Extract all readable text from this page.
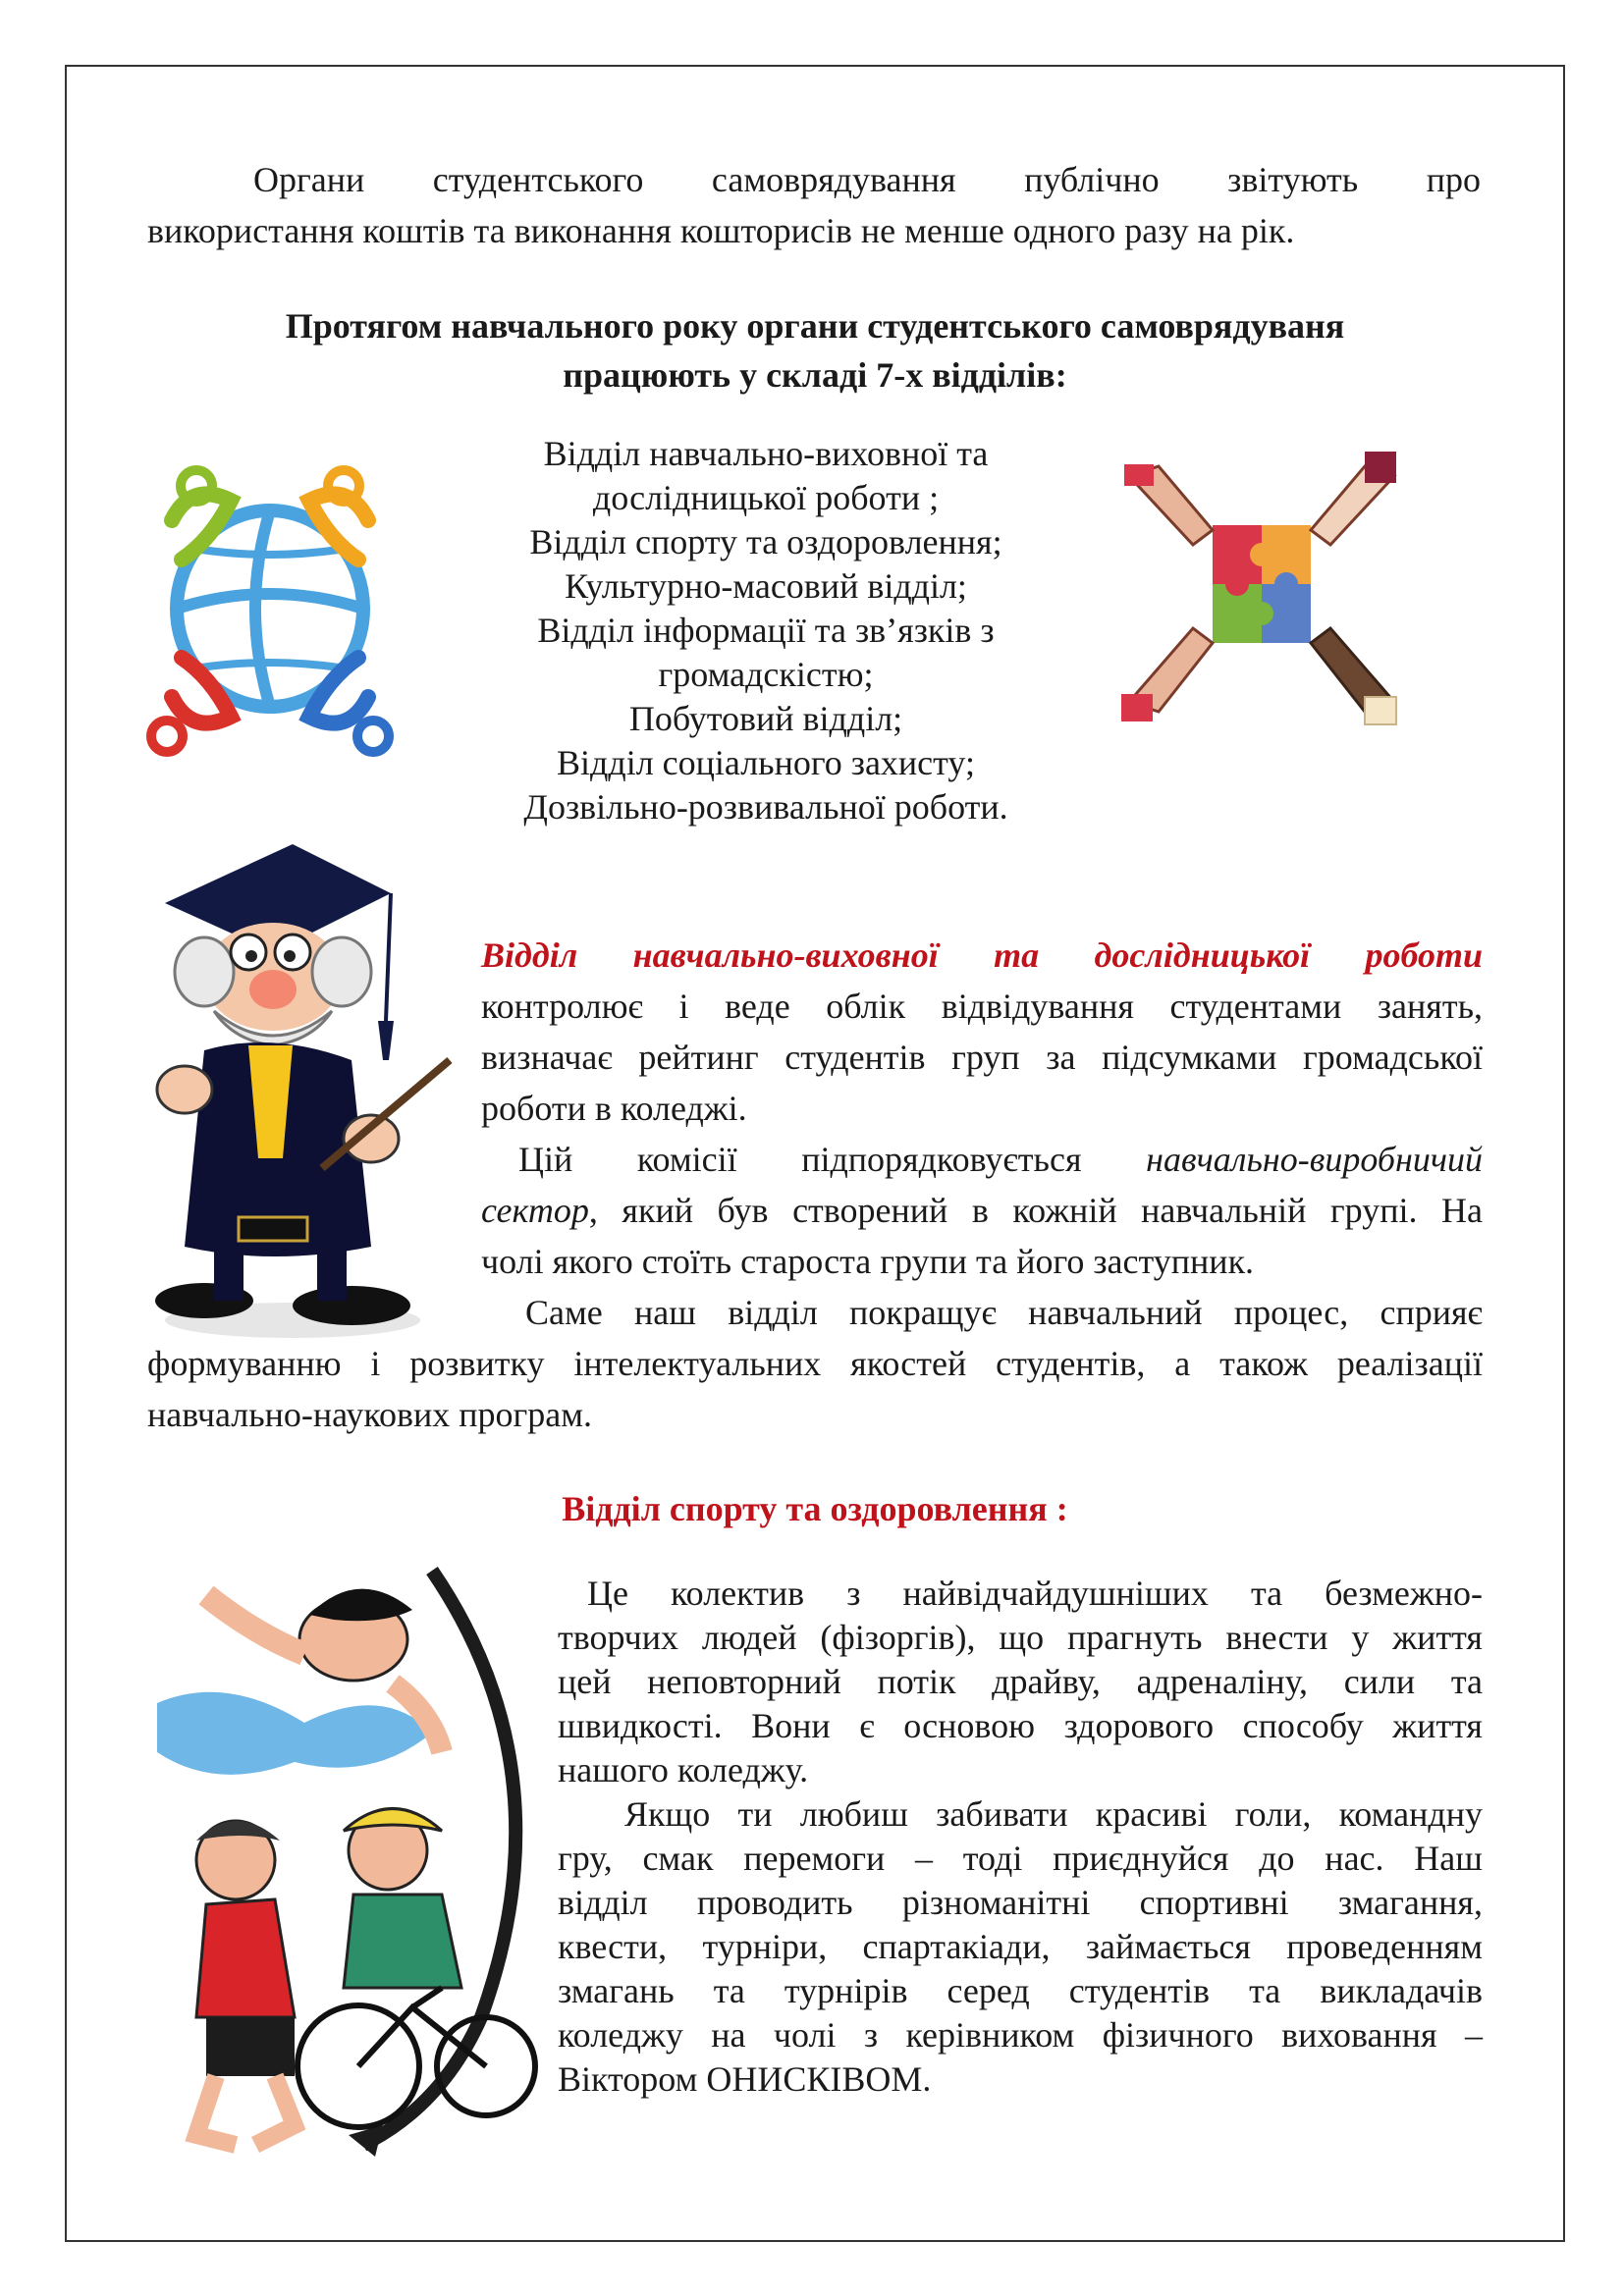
Органи студентського самоврядування публічно звітують про
використання коштів та виконання кошторисів не менше одного разу на рік.
Протягом навчального року органи студентського самоврядуваня
працюють у складі 7-х відділів:
Відділ навчально-виховної та
дослідницької роботи ;
Відділ спорту та оздоровлення;
Культурно-масовий відділ;
Відділ інформації та зв’язків з
громадскістю;
Побутовий відділ;
Відділ соціального захисту;
Дозвільно-розвивальної роботи.
Відділ навчально-виховної та дослідницької роботи
контролює і веде облік відвідування студентами занять,
визначає рейтинг студентів груп за підсумками громадської
роботи в коледжі.
Цій комісії підпорядковується навчально-виробничий
сектор, який був створений в кожній навчальній групі. На
чолі якого стоїть староста групи та його заступник.
Саме наш відділ покращує навчальний процес, сприяє
формуванню і розвитку інтелектуальних якостей студентів, а також реалізації
навчально-наукових програм.
Відділ спорту та оздоровлення :
Це колектив з найвідчайдушніших та безмежно-
творчих людей (фізоргів), що прагнуть внести у життя
цей неповторний потік драйву, адреналіну, сили та
швидкості. Вони є основою здорового способу життя
нашого коледжу.
Якщо ти любиш забивати красиві голи, командну
гру, смак перемоги – тоді приєднуйся до нас. Наш
відділ проводить різноманітні спортивні змагання,
квести, турніри, спартакіади, займається проведенням
змагань та турнірів серед студентів та викладачів
коледжу на чолі з керівником фізичного виховання –
Віктором ОНИСКІВОМ.
